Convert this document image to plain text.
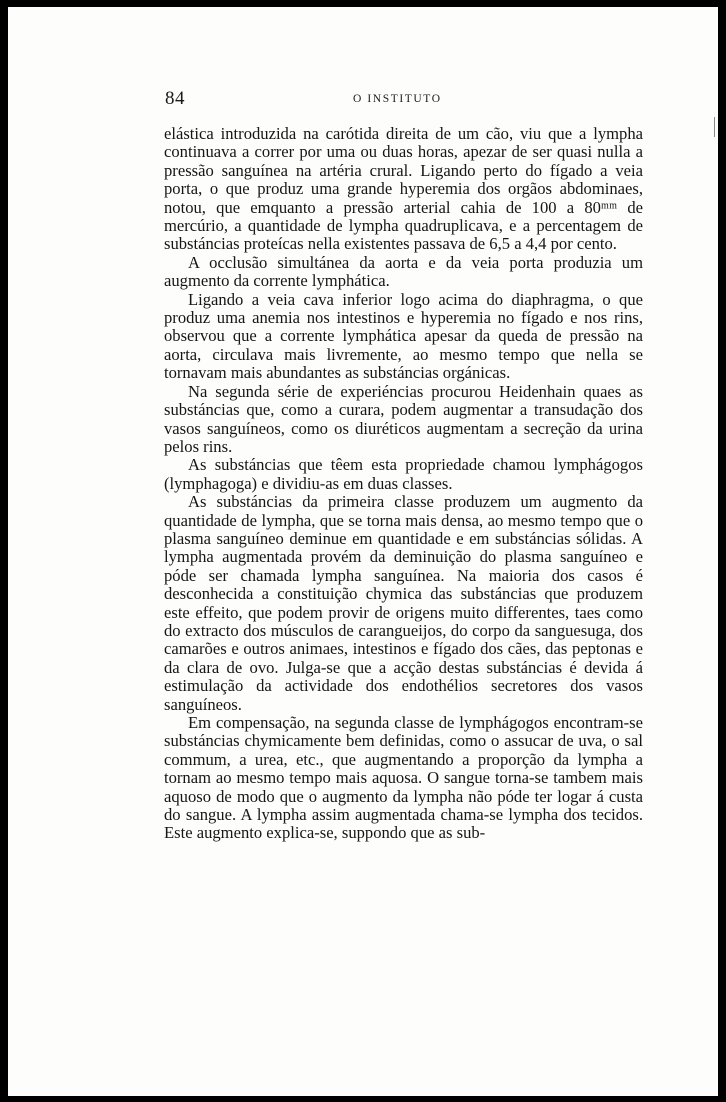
84	O INSTITUTO

elástica introduzida na carótida direita de um cão, viu que a lympha continuava a correr por uma ou duas horas, apezar de ser quasi nulla a pressão sanguínea na artéria crural. Ligando perto do fígado a veia porta, o que produz uma grande hyperemia dos orgãos abdominaes, notou, que emquanto a pressão arterial cahia de 100 a 80ᵐᵐ de mercúrio, a quantidade de lympha quadruplicava, e a percentagem de substáncias proteícas nella existentes passava de 6,5 a 4,4 por cento.

A occlusão simultánea da aorta e da veia porta produzia um augmento da corrente lymphática.

Ligando a veia cava inferior logo acima do diaphragma, o que produz uma anemia nos intestinos e hyperemia no fígado e nos rins, observou que a corrente lymphática apesar da queda de pressão na aorta, circulava mais livremente, ao mesmo tempo que nella se tornavam mais abundantes as substáncias orgánicas.

Na segunda série de experiéncias procurou Heidenhain quaes as substáncias que, como a curara, podem augmentar a transudação dos vasos sanguíneos, como os diuréticos augmentam a secreção da urina pelos rins.

As substáncias que têem esta propriedade chamou lymphágogos (lymphagoga) e dividiu-as em duas classes.

As substáncias da primeira classe produzem um augmento da quantidade de lympha, que se torna mais densa, ao mesmo tempo que o plasma sanguíneo deminue em quantidade e em substáncias sólidas. A lympha augmentada provém da deminuição do plasma sanguíneo e póde ser chamada lympha sanguínea. Na maioria dos casos é desconhecida a constituição chymica das substáncias que produzem este effeito, que podem provir de origens muito differentes, taes como do extracto dos músculos de carangueijos, do corpo da sanguesuga, dos camarões e outros animaes, intestinos e fígado dos cães, das peptonas e da clara de ovo. Julga-se que a acção destas substáncias é devida á estimulação da actividade dos endothélios secretores dos vasos sanguíneos.

Em compensação, na segunda classe de lymphágogos encontram-se substáncias chymicamente bem definidas, como o assucar de uva, o sal commum, a urea, etc., que augmentando a proporção da lympha a tornam ao mesmo tempo mais aquosa. O sangue torna-se tambem mais aquoso de modo que o augmento da lympha não póde ter logar á custa do sangue. A lympha assim augmentada chama-se lympha dos tecidos. Este augmento explica-se, suppondo que as sub-
